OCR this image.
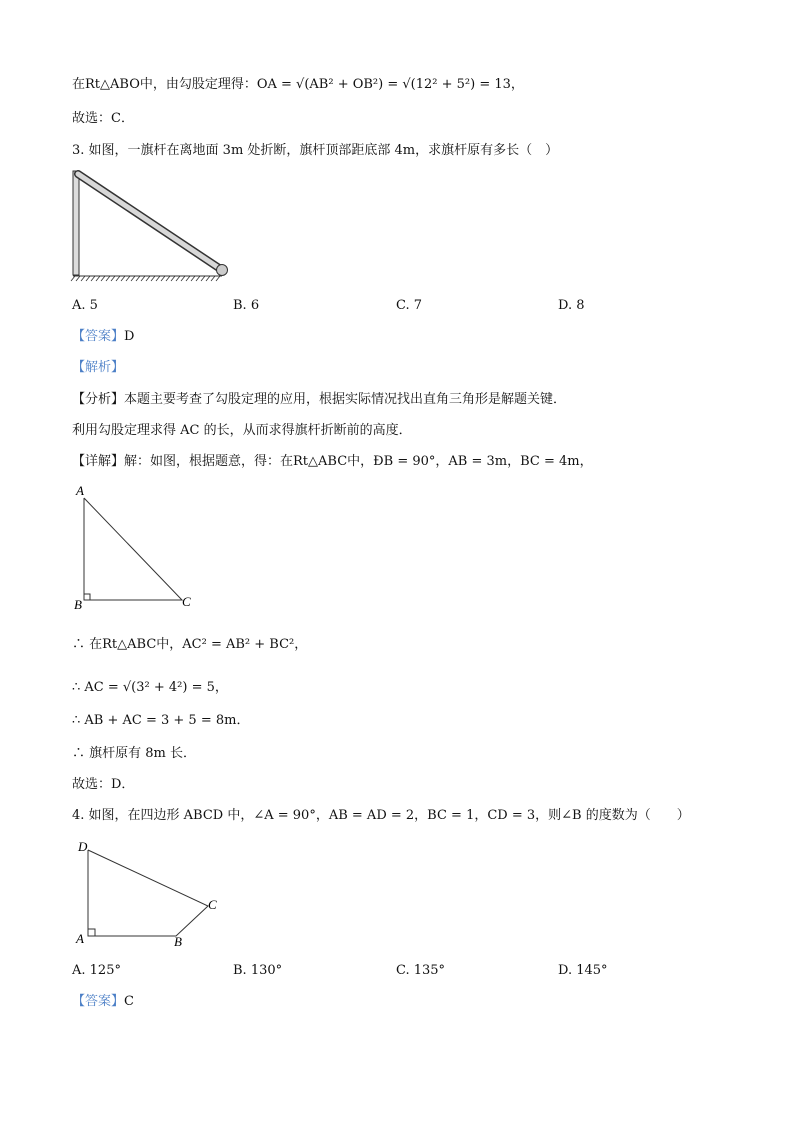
在Rt△ABO中，由勾股定理得：OA = √(AB² + OB²) = √(12² + 5²) = 13，
故选：C．
3. 如图，一旗杆在离地面 3m 处折断，旗杆顶部距底部 4m，求旗杆原有多长（　）
A. 5	B. 6	C. 7	D. 8
【答案】D
【解析】
【分析】本题主要考查了勾股定理的应用，根据实际情况找出直角三角形是解题关键．
利用勾股定理求得 AC 的长，从而求得旗杆折断前的高度．
【详解】解：如图，根据题意，得：在Rt△ABC中，ÐB = 90°，AB = 3m，BC = 4m，
A
B	C
∴ 在Rt△ABC中，AC² = AB² + BC²，
∴ AC = √(3² + 4²) = 5，
∴ AB + AC = 3 + 5 = 8m．
∴ 旗杆原有 8m 长．
故选：D．
4. 如图，在四边形 ABCD 中，∠A = 90°，AB = AD = 2，BC = 1，CD = 3，则∠B 的度数为（　　）
D
A	B
C
A. 125°	B. 130°	C. 135°	D. 145°
【答案】C
